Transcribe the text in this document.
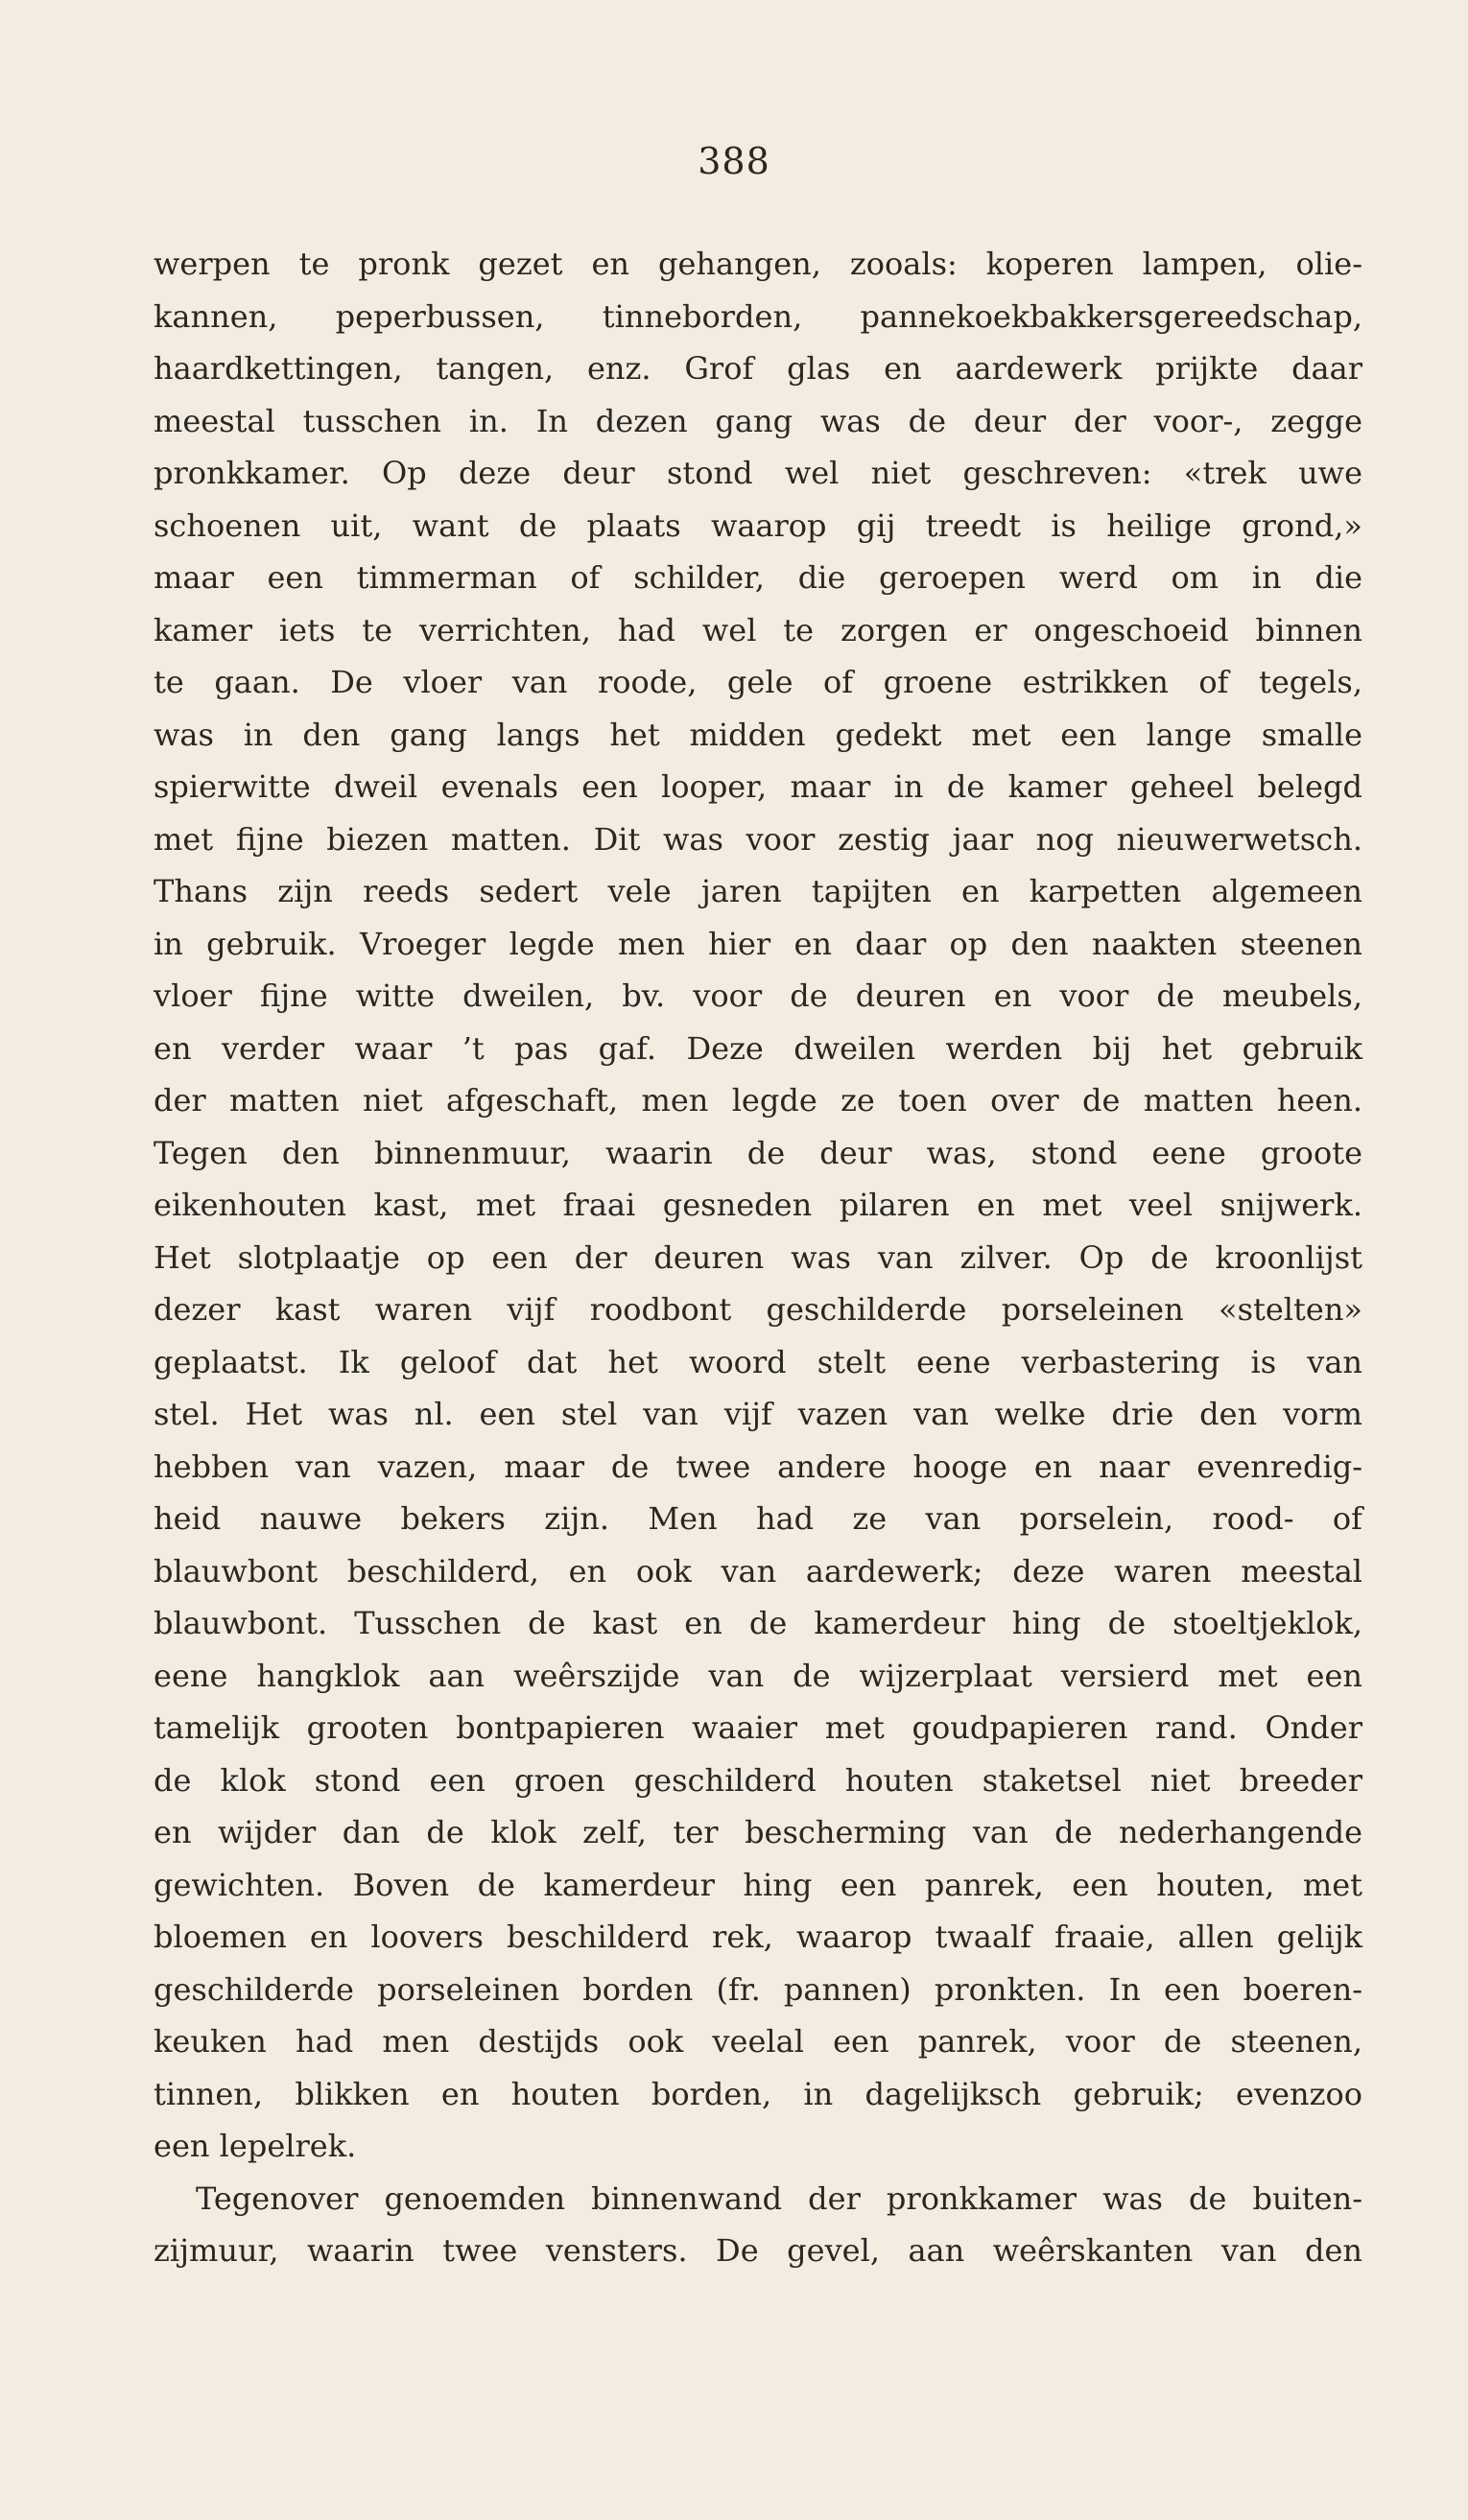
388
werpen te pronk gezet en gehangen, zooals: koperen lampen, olie-
kannen, peperbussen, tinneborden, pannekoekbakkersgereedschap,
haardkettingen, tangen, enz. Grof glas en aardewerk prijkte daar
meestal tusschen in. In dezen gang was de deur der voor-, zegge
pronkkamer. Op deze deur stond wel niet geschreven: «trek uwe
schoenen uit, want de plaats waarop gij treedt is heilige grond,»
maar een timmerman of schilder, die geroepen werd om in die
kamer iets te verrichten, had wel te zorgen er ongeschoeid binnen
te gaan. De vloer van roode, gele of groene estrikken of tegels,
was in den gang langs het midden gedekt met een lange smalle
spierwitte dweil evenals een looper, maar in de kamer geheel belegd
met fijne biezen matten. Dit was voor zestig jaar nog nieuwerwetsch.
Thans zijn reeds sedert vele jaren tapijten en karpetten algemeen
in gebruik. Vroeger legde men hier en daar op den naakten steenen
vloer fijne witte dweilen, bv. voor de deuren en voor de meubels,
en verder waar ’t pas gaf. Deze dweilen werden bij het gebruik
der matten niet afgeschaft, men legde ze toen over de matten heen.
Tegen den binnenmuur, waarin de deur was, stond eene groote
eikenhouten kast, met fraai gesneden pilaren en met veel snijwerk.
Het slotplaatje op een der deuren was van zilver. Op de kroonlijst
dezer kast waren vijf roodbont geschilderde porseleinen «stelten»
geplaatst. Ik geloof dat het woord stelt eene verbastering is van
stel. Het was nl. een stel van vijf vazen van welke drie den vorm
hebben van vazen, maar de twee andere hooge en naar evenredig-
heid nauwe bekers zijn. Men had ze van porselein, rood- of
blauwbont beschilderd, en ook van aardewerk; deze waren meestal
blauwbont. Tusschen de kast en de kamerdeur hing de stoeltjeklok,
eene hangklok aan weêrszijde van de wijzerplaat versierd met een
tamelijk grooten bontpapieren waaier met goudpapieren rand. Onder
de klok stond een groen geschilderd houten staketsel niet breeder
en wijder dan de klok zelf, ter bescherming van de nederhangende
gewichten. Boven de kamerdeur hing een panrek, een houten, met
bloemen en loovers beschilderd rek, waarop twaalf fraaie, allen gelijk
geschilderde porseleinen borden (fr. pannen) pronkten. In een boeren-
keuken had men destijds ook veelal een panrek, voor de steenen,
tinnen, blikken en houten borden, in dagelijksch gebruik; evenzoo
een lepelrek.
Tegenover genoemden binnenwand der pronkkamer was de buiten-
zijmuur, waarin twee vensters. De gevel, aan weêrskanten van den
